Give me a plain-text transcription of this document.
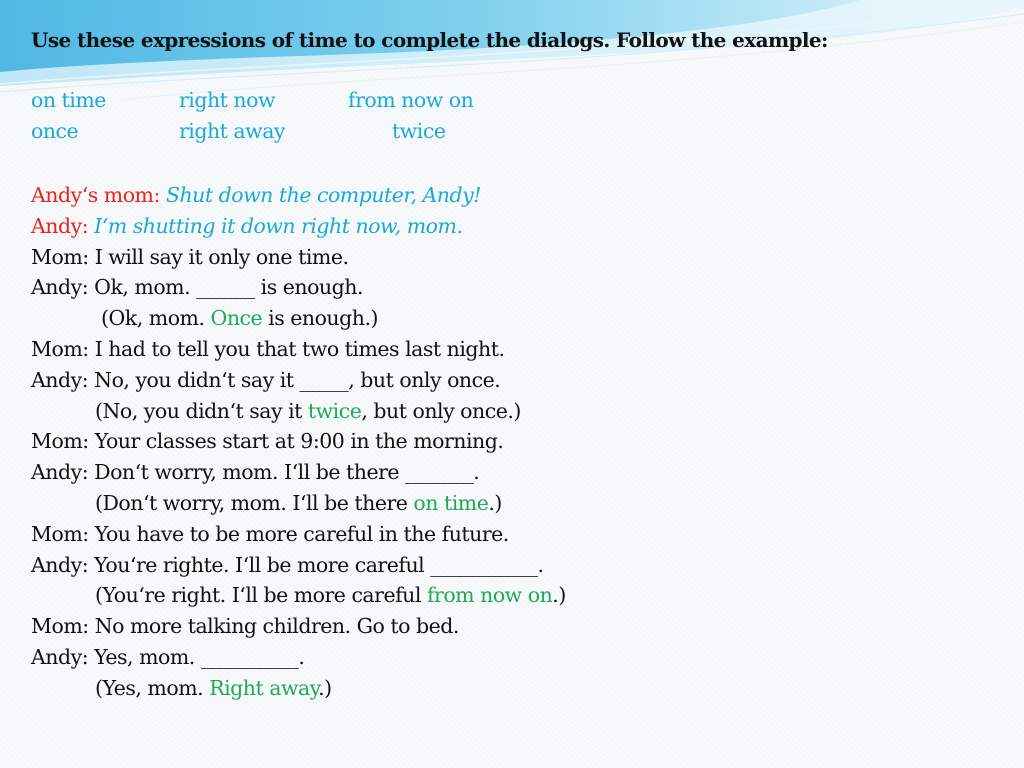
Use these expressions of time to complete the dialogs. Follow the example:
on time	right now	from now on
once	right away	twice
Andy‘s mom: Shut down the computer, Andy!
Andy: I‘m shutting it down right now, mom.
Mom: I will say it only one time.
Andy: Ok, mom. ______ is enough.
(Ok, mom. Once is enough.)
Mom: I had to tell you that two times last night.
Andy: No, you didn‘t say it _____, but only once.
(No, you didn‘t say it twice, but only once.)
Mom: Your classes start at 9:00 in the morning.
Andy: Don‘t worry, mom. I‘ll be there _______.
(Don‘t worry, mom. I‘ll be there on time.)
Mom: You have to be more careful in the future.
Andy: You‘re righte. I‘ll be more careful ___________.
(You‘re right. I‘ll be more careful from now on.)
Mom: No more talking children. Go to bed.
Andy: Yes, mom. __________.
(Yes, mom. Right away.)
